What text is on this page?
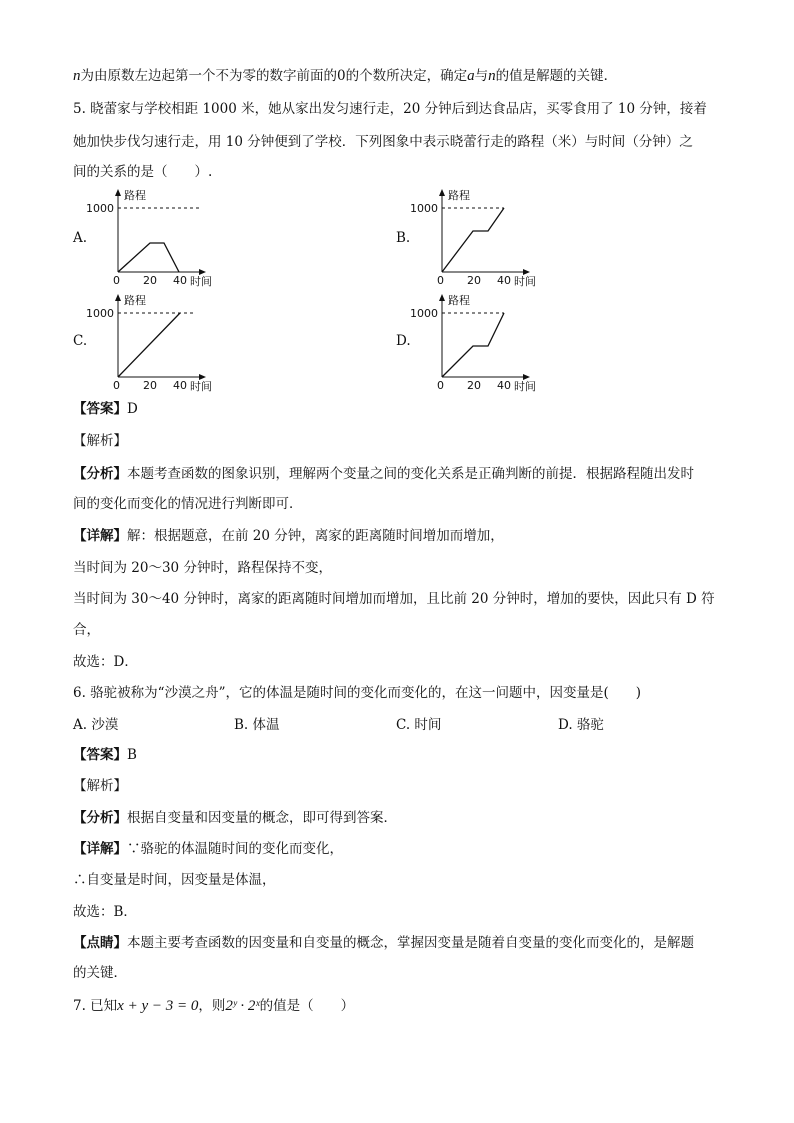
n为由原数左边起第一个不为零的数字前面的0的个数所决定，确定a与n的值是解题的关键．
5. 晓蕾家与学校相距 1000 米，她从家出发匀速行走，20 分钟后到达食品店，买零食用了 10 分钟，接着
她加快步伐匀速行走，用 10 分钟便到了学校．下列图象中表示晓蕾行走的路程（米）与时间（分钟）之
间的关系的是（　　）.
A.	B.
C.	D.
路程
1000
0 20 40 时间
路程
1000
0 20 40 时间
路程
1000
0 20 40 时间
路程
1000
0 20 40 时间
【答案】D
【解析】
【分析】本题考查函数的图象识别，理解两个变量之间的变化关系是正确判断的前提．根据路程随出发时
间的变化而变化的情况进行判断即可．
【详解】解：根据题意，在前 20 分钟，离家的距离随时间增加而增加，
当时间为 20～30 分钟时，路程保持不变，
当时间为 30～40 分钟时，离家的距离随时间增加而增加，且比前 20 分钟时，增加的要快，因此只有 D 符
合，
故选：D．
6. 骆驼被称为“沙漠之舟”，它的体温是随时间的变化而变化的，在这一问题中，因变量是(　　)
A. 沙漠	B. 体温	C. 时间	D. 骆驼
【答案】B
【解析】
【分析】根据自变量和因变量的概念，即可得到答案．
【详解】∵骆驼的体温随时间的变化而变化，
∴自变量是时间，因变量是体温，
故选：B．
【点睛】本题主要考查函数的因变量和自变量的概念，掌握因变量是随着自变量的变化而变化的，是解题
的关键．
7. 已知x + y − 3 = 0，则2ʸ · 2ˣ的值是（　　）
